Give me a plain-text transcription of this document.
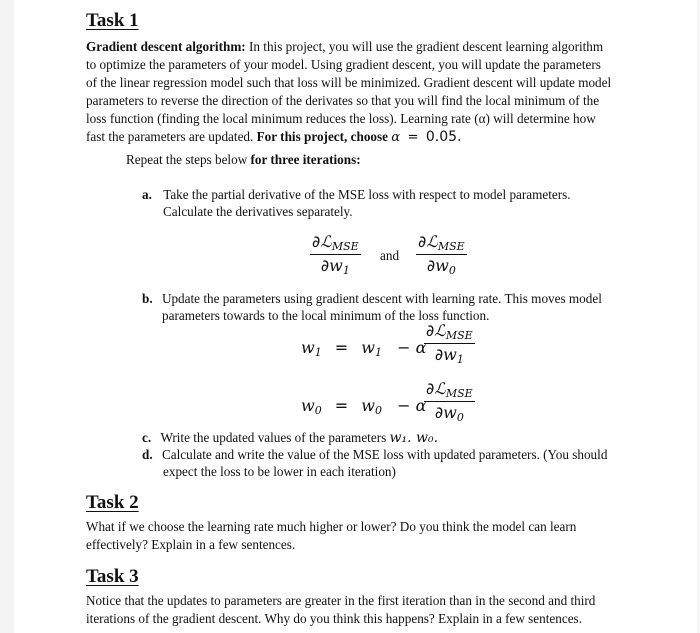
Task 1
Gradient descent algorithm: In this project, you will use the gradient descent learning algorithm
to optimize the parameters of your model. Using gradient descent, you will update the parameters
of the linear regression model such that loss will be minimized. Gradient descent will update model
parameters to reverse the direction of the derivates so that you will find the local minimum of the
loss function (finding the local minimum reduces the loss). Learning rate (α) will determine how
fast the parameters are updated. For this project, choose α = 0.05.
Repeat the steps below for three iterations:
a. Take the partial derivative of the MSE loss with respect to model parameters.
Calculate the derivatives separately.
∂ℒ$_{MSE}$
$\partial w_1$
and
∂ℒ$_{MSE}$
$\partial w_0$
b. Update the parameters using gradient descent with learning rate. This moves model
parameters towards to the local minimum of the loss function.
$w_1 = w_1 - \alpha$
∂ℒ$_{MSE}$
$\partial w_1$
$w_0 = w_0 - \alpha$
∂ℒ$_{MSE}$
$\partial w_0$
c. Write the updated values of the parameters w₁. w₀.
d. Calculate and write the value of the MSE loss with updated parameters. (You should
expect the loss to be lower in each iteration)
Task 2
What if we choose the learning rate much higher or lower? Do you think the model can learn
effectively? Explain in a few sentences.
Task 3
Notice that the updates to parameters are greater in the first iteration than in the second and third
iterations of the gradient descent. Why do you think this happens? Explain in a few sentences.
